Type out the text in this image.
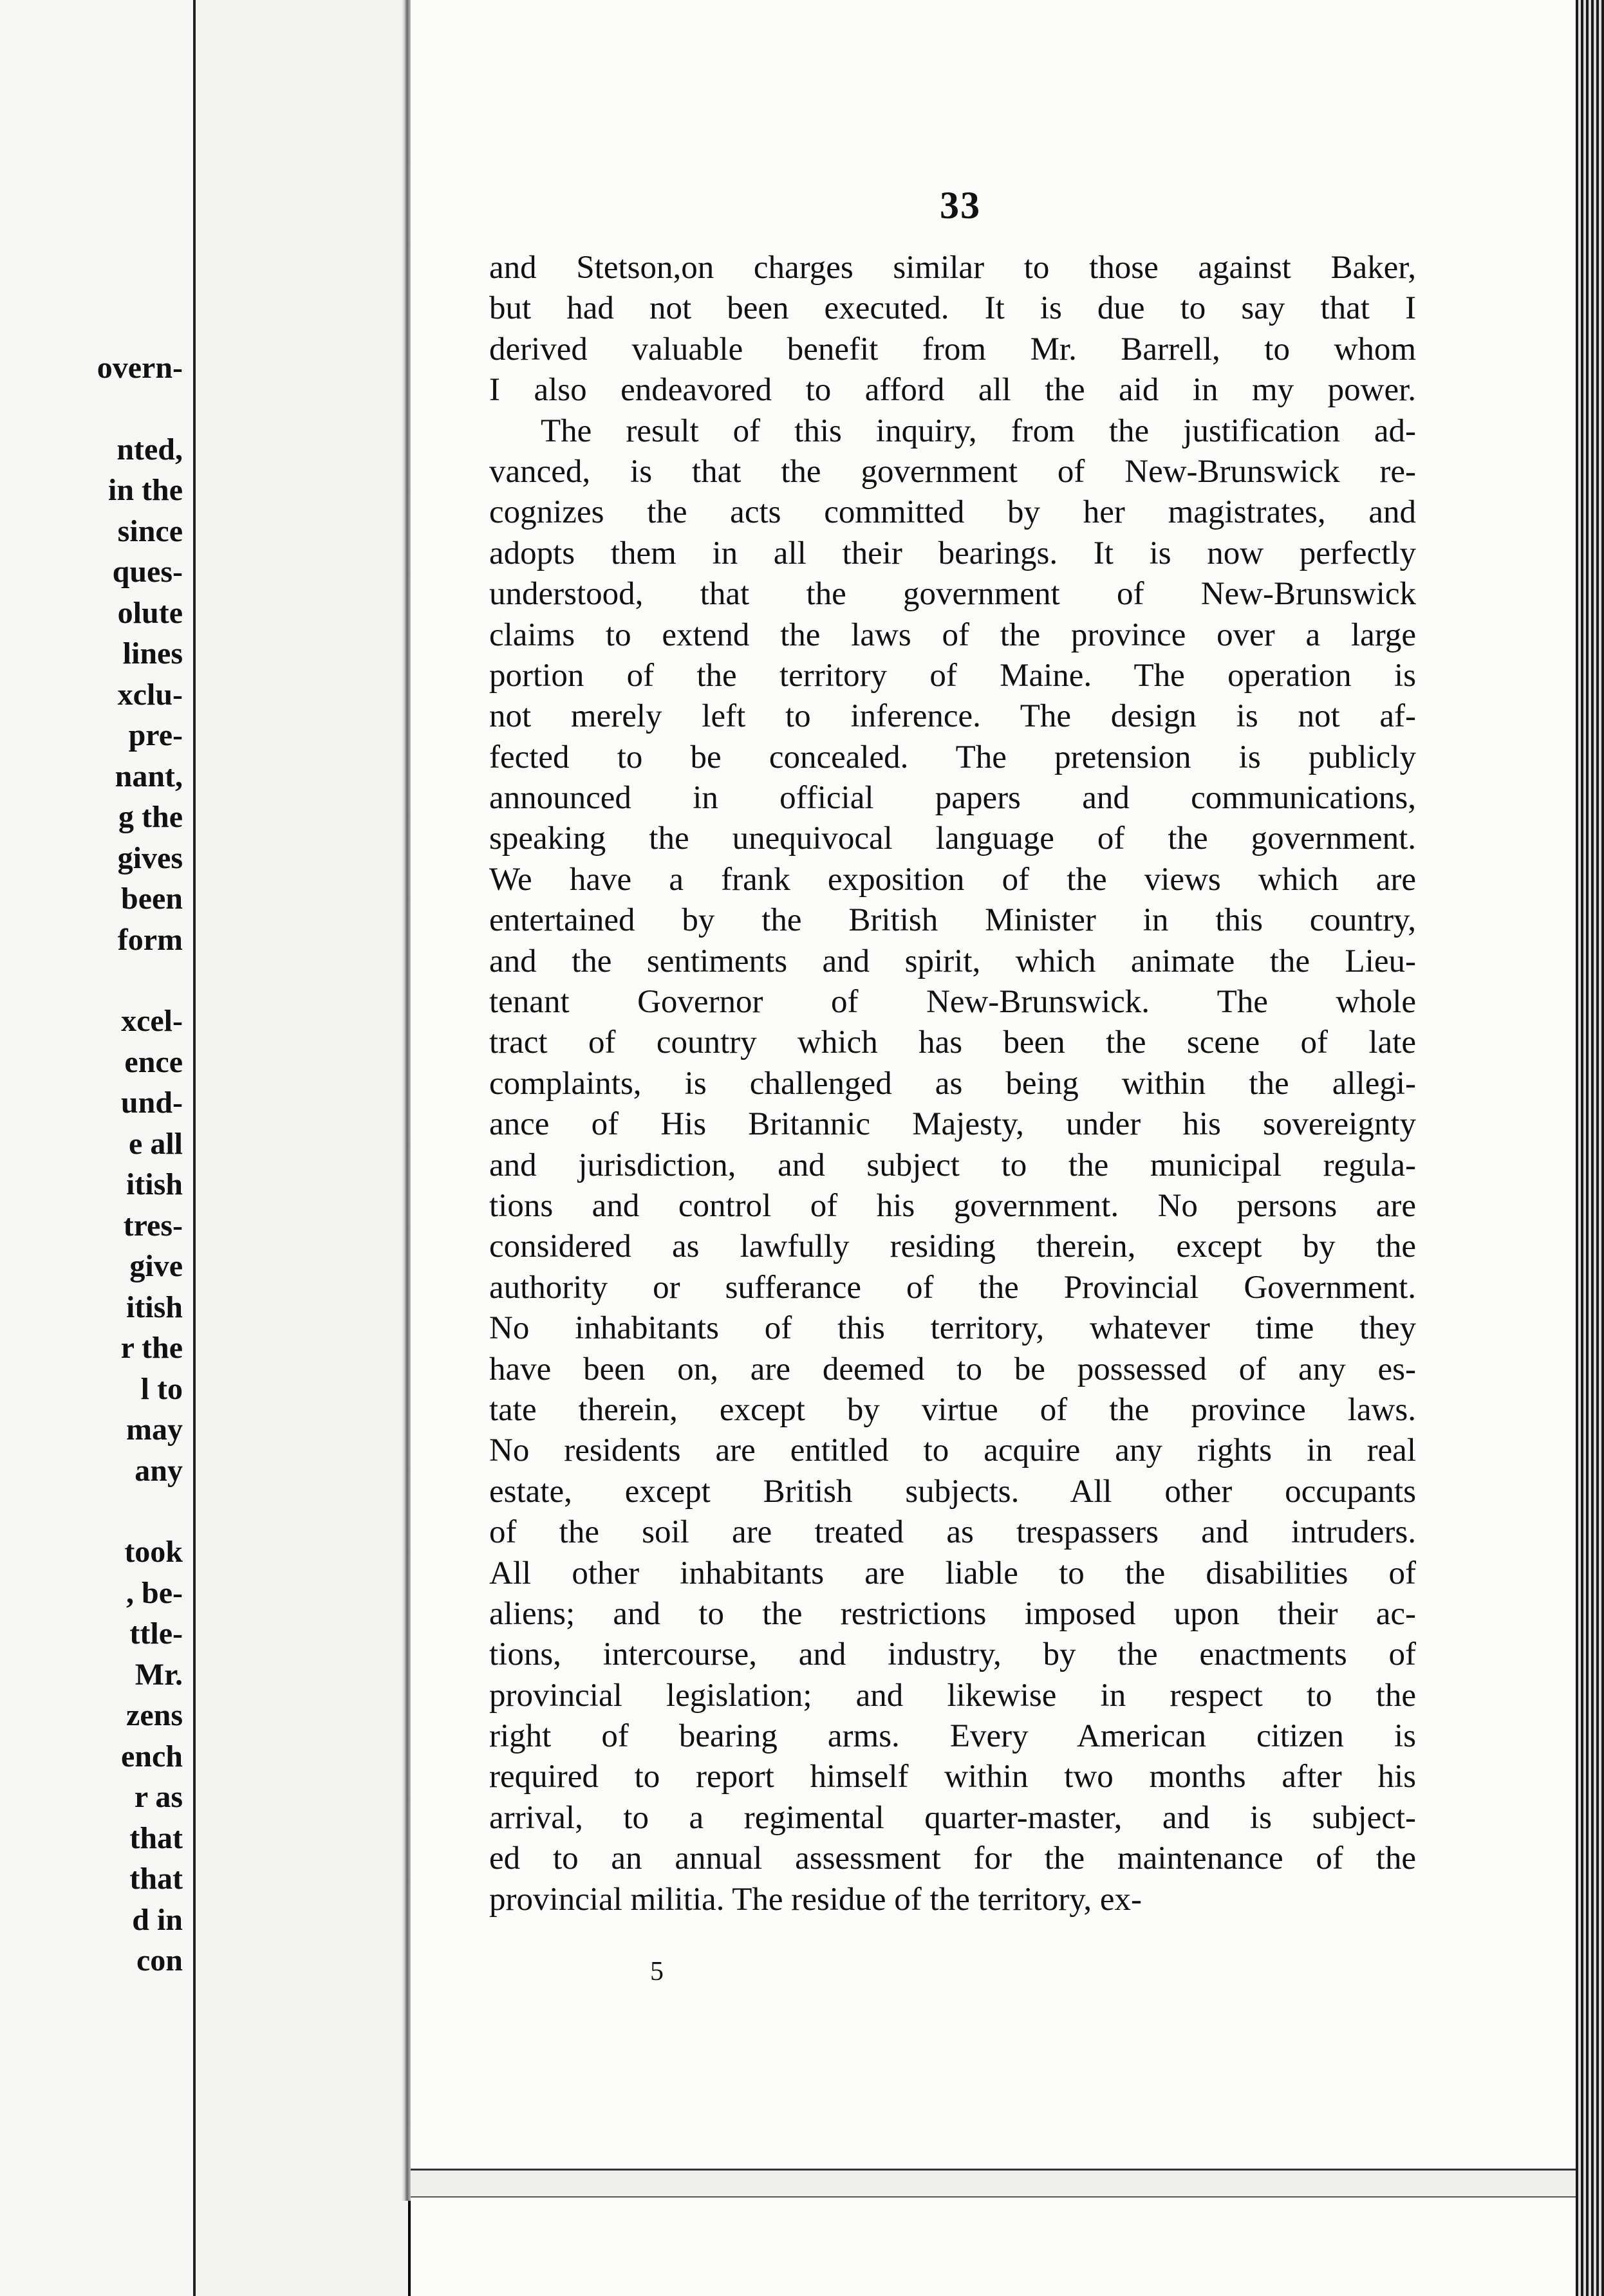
overn-
nted,
in the
since
ques-
olute
lines
xclu-
pre-
nant,
g the
gives
been
form
xcel-
ence
und-
e all
itish
tres-
give
itish
r the
l to
may
any
took
, be-
ttle-
Mr.
zens
ench
r as
that
that
d in
con
33
and Stetson,on charges similar to those against Baker,
but had not been executed. It is due to say that I
derived valuable benefit from Mr. Barrell, to whom
I also endeavored to afford all the aid in my power.
The result of this inquiry, from the justification ad-
vanced, is that the government of New-Brunswick re-
cognizes the acts committed by her magistrates, and
adopts them in all their bearings. It is now perfectly
understood, that the government of New-Brunswick
claims to extend the laws of the province over a large
portion of the territory of Maine. The operation is
not merely left to inference. The design is not af-
fected to be concealed. The pretension is publicly
announced in official papers and communications,
speaking the unequivocal language of the government.
We have a frank exposition of the views which are
entertained by the British Minister in this country,
and the sentiments and spirit, which animate the Lieu-
tenant Governor of New-Brunswick. The whole
tract of country which has been the scene of late
complaints, is challenged as being within the allegi-
ance of His Britannic Majesty, under his sovereignty
and jurisdiction, and subject to the municipal regula-
tions and control of his government. No persons are
considered as lawfully residing therein, except by the
authority or sufferance of the Provincial Government.
No inhabitants of this territory, whatever time they
have been on, are deemed to be possessed of any es-
tate therein, except by virtue of the province laws.
No residents are entitled to acquire any rights in real
estate, except British subjects. All other occupants
of the soil are treated as trespassers and intruders.
All other inhabitants are liable to the disabilities of
aliens; and to the restrictions imposed upon their ac-
tions, intercourse, and industry, by the enactments of
provincial legislation; and likewise in respect to the
right of bearing arms. Every American citizen is
required to report himself within two months after his
arrival, to a regimental quarter-master, and is subject-
ed to an annual assessment for the maintenance of the
provincial militia. The residue of the territory, ex-
5
